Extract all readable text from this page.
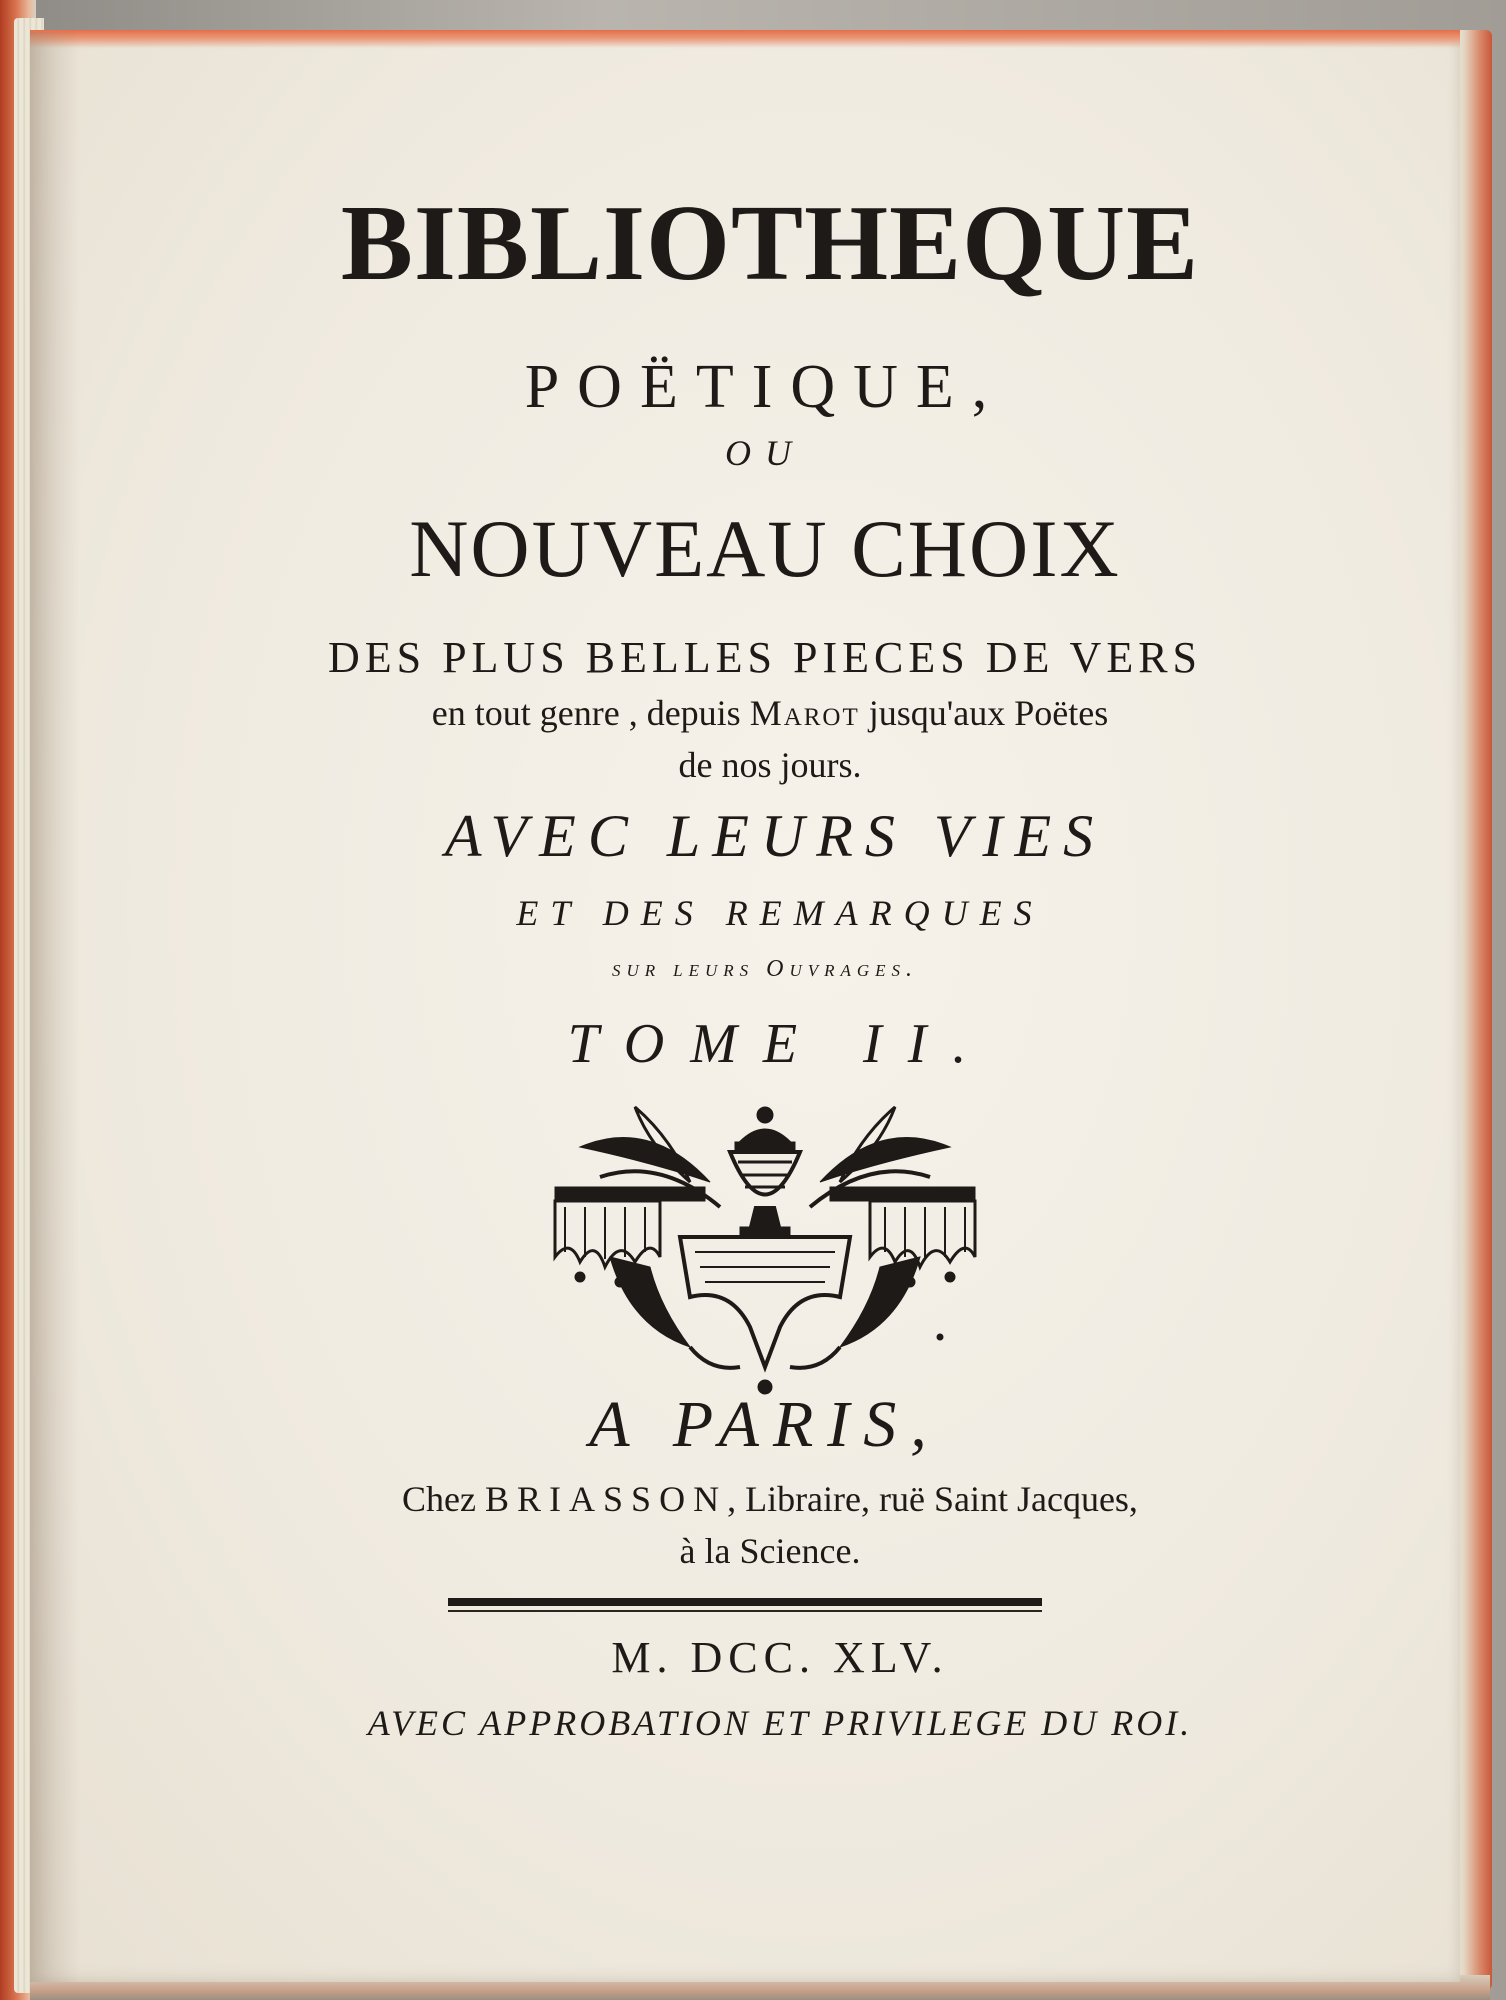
BIBLIOTHEQUE

POËTIQUE,

OU

NOUVEAU CHOIX

DES PLUS BELLES PIECES DE VERS

en tout genre , depuis Marot jusqu'aux Poëtes

de nos jours.

AVEC LEURS VIES

ET DES REMARQUES

sur leurs Ouvrages.

TOME II.

A PARIS,

Chez BRIASSON, Libraire, ruë Saint Jacques,

à la Science.

M. DCC. XLV.

AVEC APPROBATION ET PRIVILEGE DU ROI.
